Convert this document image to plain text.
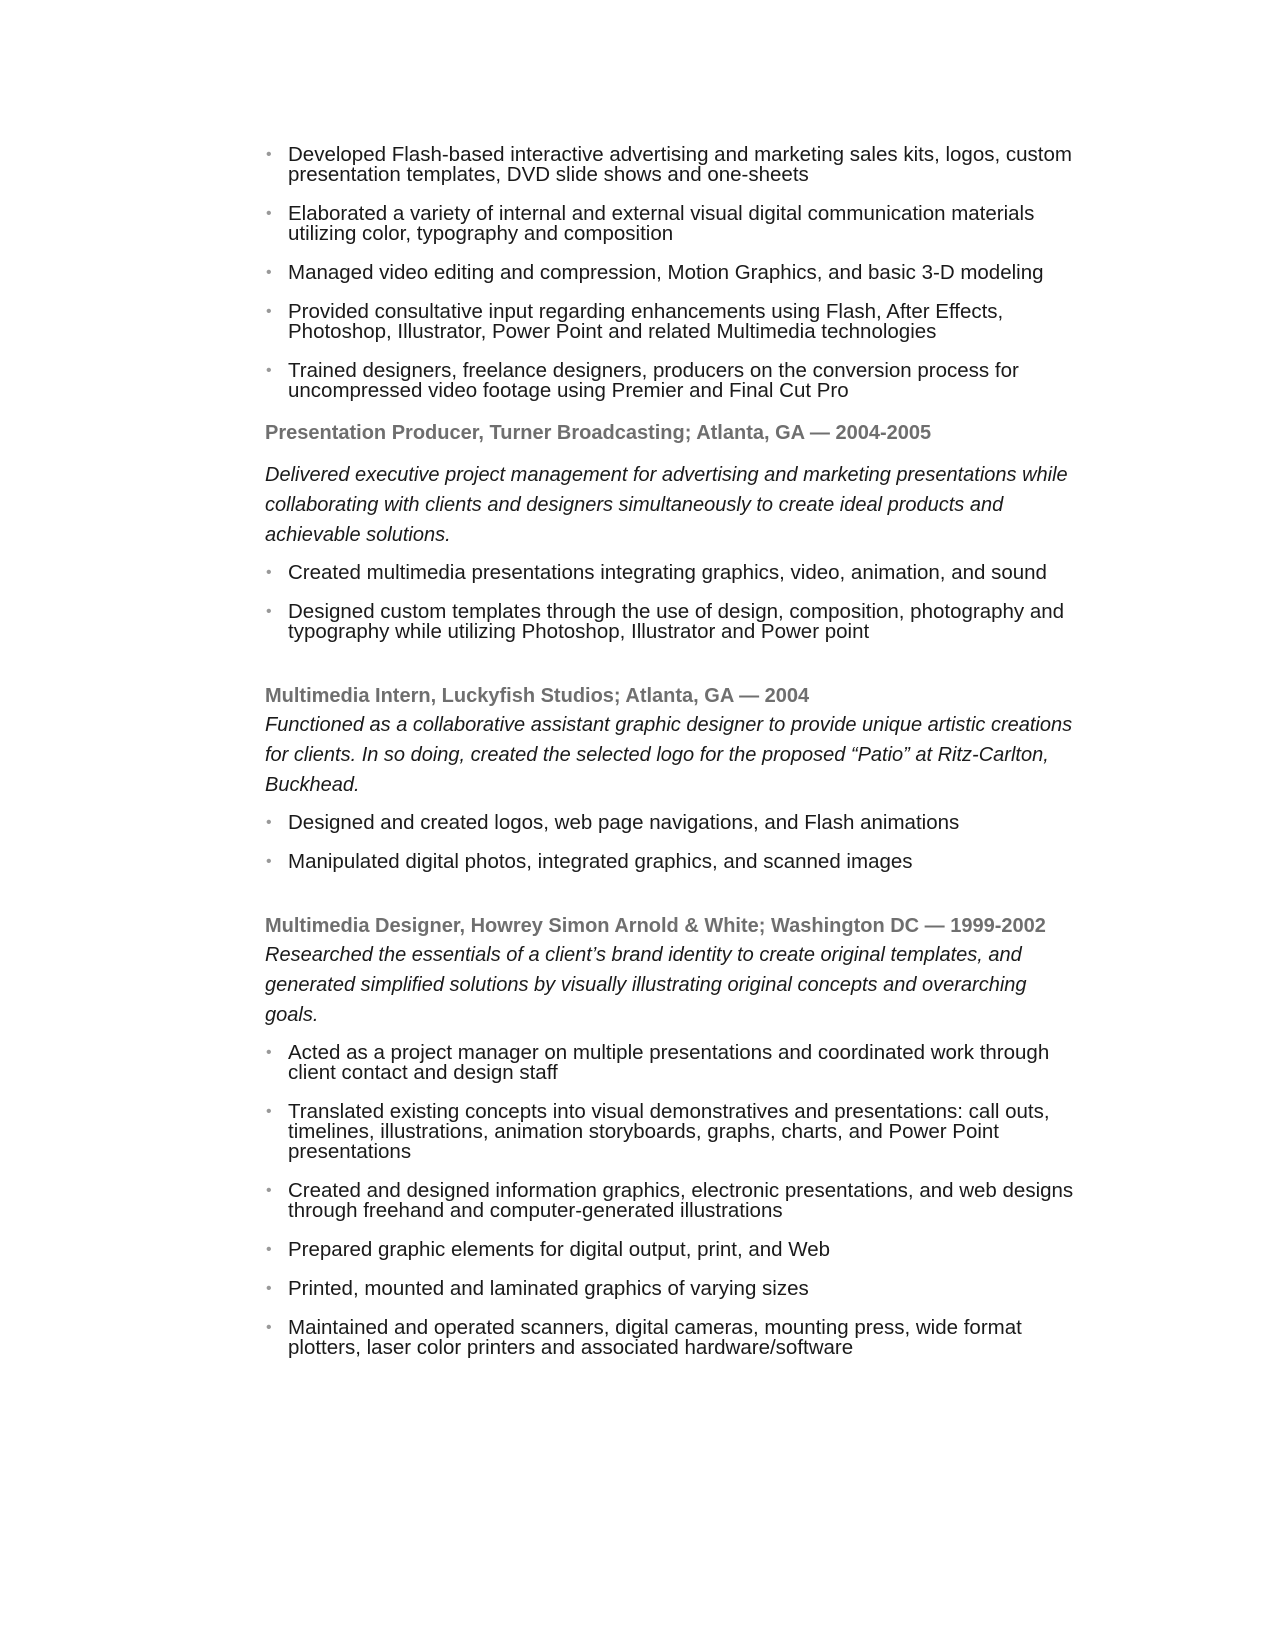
• Developed Flash-based interactive advertising and marketing sales kits, logos, custom presentation templates, DVD slide shows and one-sheets
• Elaborated a variety of internal and external visual digital communication materials utilizing color, typography and composition
• Managed video editing and compression, Motion Graphics, and basic 3-D modeling
• Provided consultative input regarding enhancements using Flash, After Effects, Photoshop, Illustrator, Power Point and related Multimedia technologies
• Trained designers, freelance designers, producers on the conversion process for uncompressed video footage using Premier and Final Cut Pro
Presentation Producer, Turner Broadcasting; Atlanta, GA — 2004-2005

Delivered executive project management for advertising and marketing presentations while collaborating with clients and designers simultaneously to create ideal products and achievable solutions.

• Created multimedia presentations integrating graphics, video, animation, and sound
• Designed custom templates through the use of design, composition, photography and typography while utilizing Photoshop, Illustrator and Power point
Multimedia Intern, Luckyfish Studios; Atlanta, GA — 2004

Functioned as a collaborative assistant graphic designer to provide unique artistic creations for clients. In so doing, created the selected logo for the proposed “Patio” at Ritz-Carlton, Buckhead.

• Designed and created logos, web page navigations, and Flash animations
• Manipulated digital photos, integrated graphics, and scanned images
Multimedia Designer, Howrey Simon Arnold & White; Washington DC — 1999-2002

Researched the essentials of a client’s brand identity to create original templates, and generated simplified solutions by visually illustrating original concepts and overarching goals.

• Acted as a project manager on multiple presentations and coordinated work through client contact and design staff
• Translated existing concepts into visual demonstratives and presentations: call outs, timelines, illustrations, animation storyboards, graphs, charts, and Power Point presentations
• Created and designed information graphics, electronic presentations, and web designs through freehand and computer-generated illustrations
• Prepared graphic elements for digital output, print, and Web
• Printed, mounted and laminated graphics of varying sizes
• Maintained and operated scanners, digital cameras, mounting press, wide format plotters, laser color printers and associated hardware/software
